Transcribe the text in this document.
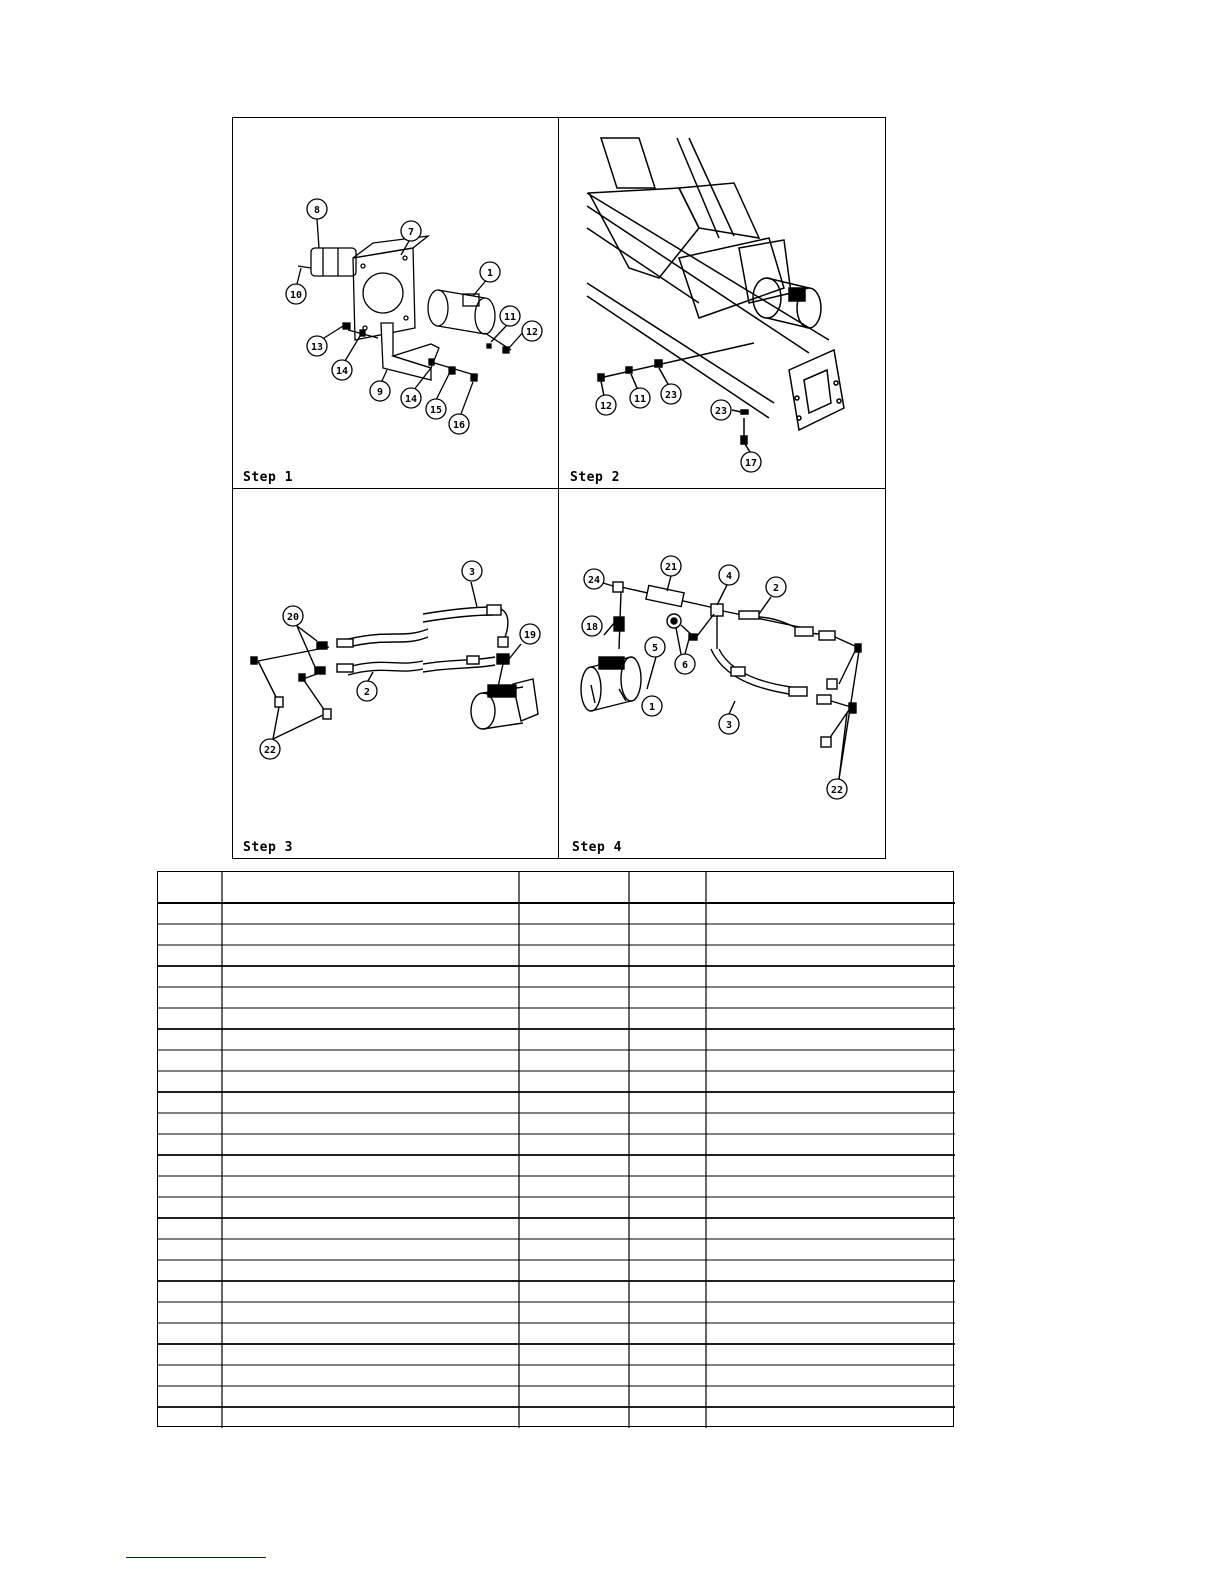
8
7
1
10
11
12
13
14
9
14
15
16
Step 1
12
11 23
23
17
Step 2
3
20
19
2
22
Step 3
24
21
4
2
18
5
6
1
3
22
Step 4
